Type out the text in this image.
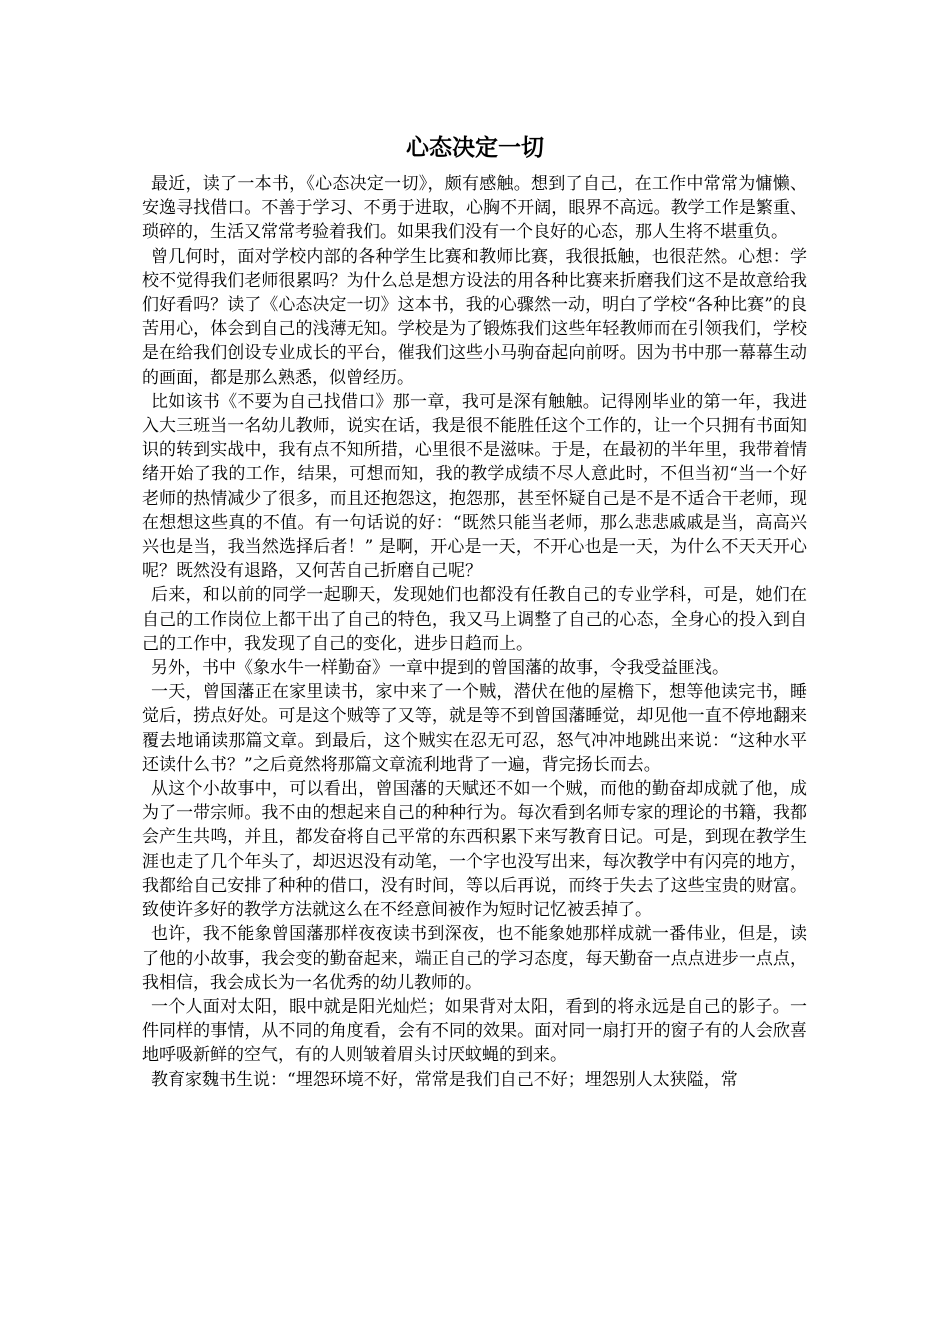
心态决定一切

最近，读了一本书，《心态决定一切》，颇有感触。想到了自己，在工作中常常为慵懒、安逸寻找借口。不善于学习、不勇于进取，心胸不开阔，眼界不高远。教学工作是繁重、琐碎的，生活又常常考验着我们。如果我们没有一个良好的心态，那人生将不堪重负。

曾几何时，面对学校内部的各种学生比赛和教师比赛，我很抵触，也很茫然。心想：学校不觉得我们老师很累吗？为什么总是想方设法的用各种比赛来折磨我们这不是故意给我们好看吗？读了《心态决定一切》这本书，我的心骤然一动，明白了学校“各种比赛”的良苦用心，体会到自己的浅薄无知。学校是为了锻炼我们这些年轻教师而在引领我们，学校是在给我们创设专业成长的平台，催我们这些小马驹奋起向前呀。因为书中那一幕幕生动的画面，都是那么熟悉，似曾经历。

比如该书《不要为自己找借口》那一章，我可是深有触触。记得刚毕业的第一年，我进入大三班当一名幼儿教师，说实在话，我是很不能胜任这个工作的，让一个只拥有书面知识的转到实战中，我有点不知所措，心里很不是滋味。于是，在最初的半年里，我带着情绪开始了我的工作，结果，可想而知，我的教学成绩不尽人意此时，不但当初“当一个好老师的热情减少了很多，而且还抱怨这，抱怨那，甚至怀疑自己是不是不适合干老师，现在想想这些真的不值。有一句话说的好：“既然只能当老师，那么悲悲戚戚是当，高高兴兴也是当，我当然选择后者！” 是啊，开心是一天，不开心也是一天，为什么不天天开心呢？既然没有退路，又何苦自己折磨自己呢？

后来，和以前的同学一起聊天，发现她们也都没有任教自己的专业学科，可是，她们在自己的工作岗位上都干出了自己的特色，我又马上调整了自己的心态，全身心的投入到自己的工作中，我发现了自己的变化，进步日趋而上。

另外，书中《象水牛一样勤奋》一章中提到的曾国藩的故事，令我受益匪浅。

一天，曾国藩正在家里读书，家中来了一个贼，潜伏在他的屋檐下，想等他读完书，睡觉后，捞点好处。可是这个贼等了又等，就是等不到曾国藩睡觉，却见他一直不停地翻来覆去地诵读那篇文章。到最后，这个贼实在忍无可忍，怒气冲冲地跳出来说：“这种水平还读什么书？”之后竟然将那篇文章流利地背了一遍，背完扬长而去。

从这个小故事中，可以看出，曾国藩的天赋还不如一个贼，而他的勤奋却成就了他，成为了一带宗师。我不由的想起来自己的种种行为。每次看到名师专家的理论的书籍，我都会产生共鸣，并且，都发奋将自己平常的东西积累下来写教育日记。可是，到现在教学生涯也走了几个年头了，却迟迟没有动笔，一个字也没写出来，每次教学中有闪亮的地方，我都给自己安排了种种的借口，没有时间，等以后再说，而终于失去了这些宝贵的财富。致使许多好的教学方法就这么在不经意间被作为短时记忆被丢掉了。

也许，我不能象曾国藩那样夜夜读书到深夜，也不能象她那样成就一番伟业，但是，读了他的小故事，我会变的勤奋起来，端正自己的学习态度，每天勤奋一点点进步一点点，我相信，我会成长为一名优秀的幼儿教师的。

一个人面对太阳，眼中就是阳光灿烂；如果背对太阳，看到的将永远是自己的影子。一件同样的事情，从不同的角度看，会有不同的效果。面对同一扇打开的窗子有的人会欣喜地呼吸新鲜的空气，有的人则皱着眉头讨厌蚊蝇的到来。

教育家魏书生说：“埋怨环境不好，常常是我们自己不好；埋怨别人太狭隘，常
